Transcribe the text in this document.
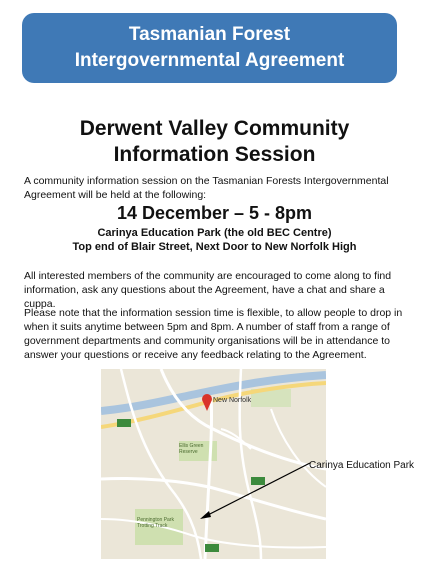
Tasmanian Forest
Intergovernmental Agreement
Derwent Valley Community
Information Session
A community information session on the Tasmanian Forests Intergovernmental
Agreement will be held at the following:
14 December – 5 - 8pm
Carinya Education Park (the old BEC Centre)
Top end of Blair Street, Next Door to New Norfolk High
All interested members of the community are encouraged to come along to find
information, ask any questions about the Agreement, have a chat and share a cuppa.
Please note that the information session time is flexible, to allow people to drop in
when it suits anytime between 5pm and 8pm. A number of staff from a range of
government departments and community organisations will be in attendance to
answer your questions or receive any feedback relating to the Agreement.
New Norfolk
Ellis Green Reserve
Pennington Park Trotting Track
Carinya Education Park
